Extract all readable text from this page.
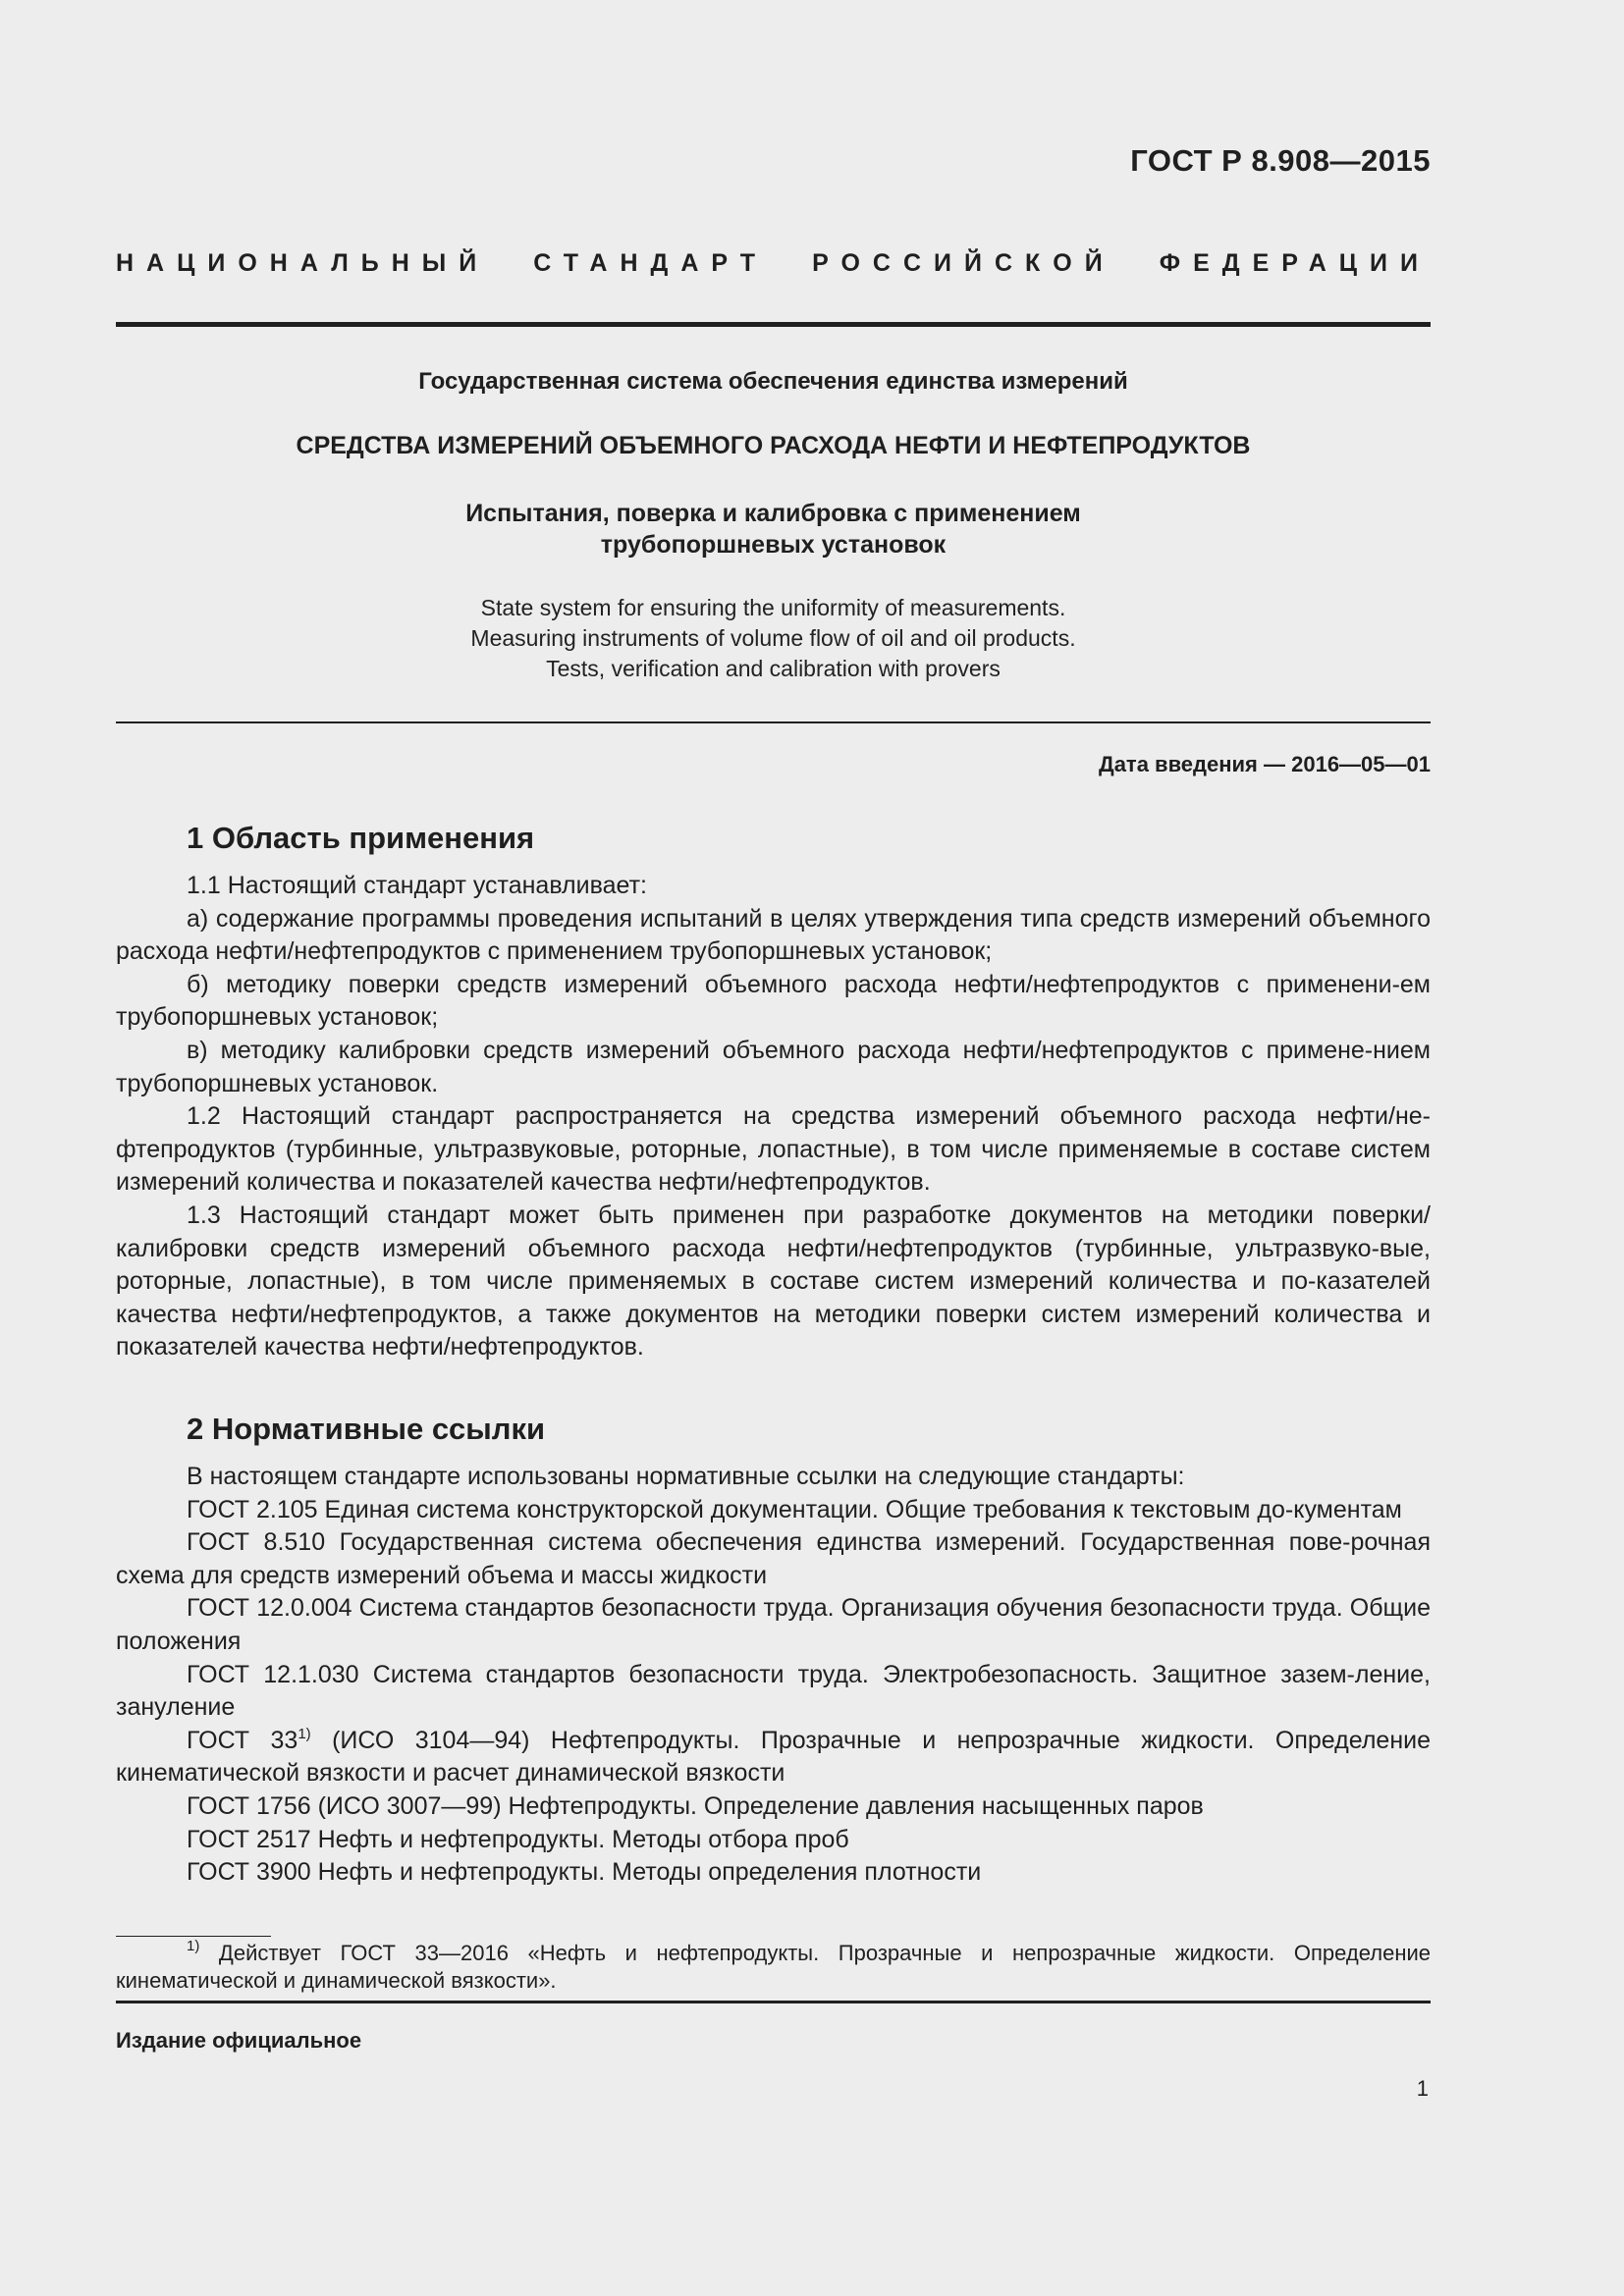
ГОСТ Р 8.908—2015
НАЦИОНАЛЬНЫЙ СТАНДАРТ РОССИЙСКОЙ ФЕДЕРАЦИИ
Государственная система обеспечения единства измерений
СРЕДСТВА ИЗМЕРЕНИЙ ОБЪЕМНОГО РАСХОДА НЕФТИ И НЕФТЕПРОДУКТОВ
Испытания, поверка и калибровка с применением
трубопоршневых установок
State system for ensuring the uniformity of measurements.
Measuring instruments of volume flow of oil and oil products.
Tests, verification and calibration with provers
Дата введения — 2016—05—01
1 Область применения

1.1 Настоящий стандарт устанавливает:

а) содержание программы проведения испытаний в целях утверждения типа средств измерений объемного расхода нефти/нефтепродуктов с применением трубопоршневых установок;

б) методику поверки средств измерений объемного расхода нефти/нефтепродуктов с применени-ем трубопоршневых установок;

в) методику калибровки средств измерений объемного расхода нефти/нефтепродуктов с примене-нием трубопоршневых установок.

1.2 Настоящий стандарт распространяется на средства измерений объемного расхода нефти/не-фтепродуктов (турбинные, ультразвуковые, роторные, лопастные), в том числе применяемые в составе систем измерений количества и показателей качества нефти/нефтепродуктов.

1.3 Настоящий стандарт может быть применен при разработке документов на методики поверки/калибровки средств измерений объемного расхода нефти/нефтепродуктов (турбинные, ультразвуко-вые, роторные, лопастные), в том числе применяемых в составе систем измерений количества и по-казателей качества нефти/нефтепродуктов, а также документов на методики поверки систем измерений количества и показателей качества нефти/нефтепродуктов.

2 Нормативные ссылки

В настоящем стандарте использованы нормативные ссылки на следующие стандарты:

ГОСТ 2.105 Единая система конструкторской документации. Общие требования к текстовым до-кументам

ГОСТ 8.510 Государственная система обеспечения единства измерений. Государственная пове-рочная схема для средств измерений объема и массы жидкости

ГОСТ 12.0.004 Система стандартов безопасности труда. Организация обучения безопасности труда. Общие положения

ГОСТ 12.1.030 Система стандартов безопасности труда. Электробезопасность. Защитное зазем-ление, зануление

ГОСТ 33$^{1)}$ (ИСО 3104—94) Нефтепродукты. Прозрачные и непрозрачные жидкости. Определение кинематической вязкости и расчет динамической вязкости

ГОСТ 1756 (ИСО 3007—99) Нефтепродукты. Определение давления насыщенных паров

ГОСТ 2517 Нефть и нефтепродукты. Методы отбора проб

ГОСТ 3900 Нефть и нефтепродукты. Методы определения плотности

$^{1)}$ Действует ГОСТ 33—2016 «Нефть и нефтепродукты. Прозрачные и непрозрачные жидкости. Определение кинематической и динамической вязкости».
Издание официальное
1
